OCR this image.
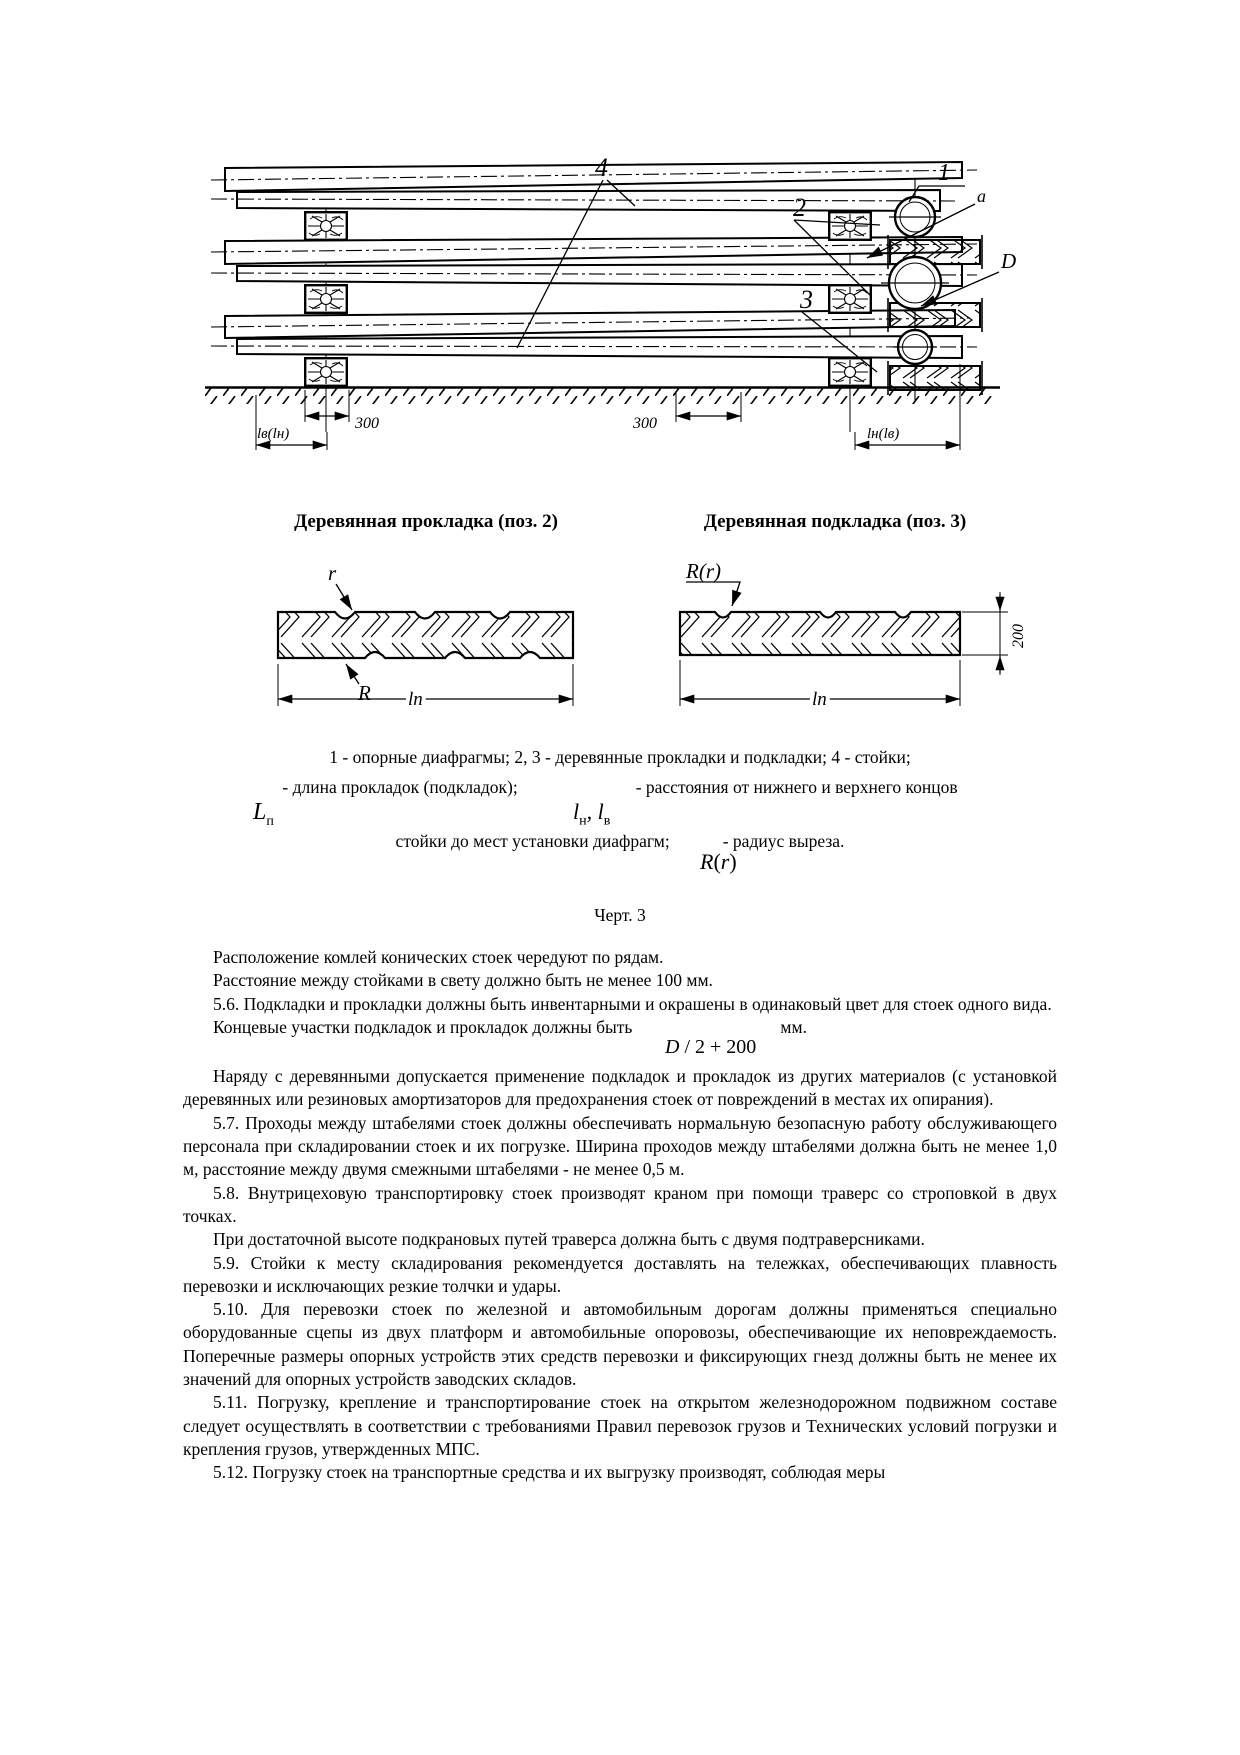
4
2
3
300	300
lв(lн)	lн(lв)
1
a
D
Деревянная прокладка (поз. 2)	Деревянная подкладка (поз. 3)
r
R lп
R(r)
200
lп
1 - опорные диафрагмы; 2, 3 - деревянные прокладки и подкладки; 4 - стойки;
- длина прокладок (подкладок);	- расстояния от нижнего и верхнего концов
стойки до мест установки диафрагм;	- радиус выреза.
$L_п$	$l_н$, $l_в$
R(r)
Черт. 3

Расположение комлей конических стоек чередуют по рядам.

Расстояние между стойками в свету должно быть не менее 100 мм.

5.6. Подкладки и прокладки должны быть инвентарными и окрашены в одинаковый цвет для стоек одного вида.

Концевые участки подкладок и прокладок должны быть	мм.
D / 2 + 200

Наряду с деревянными допускается применение подкладок и прокладок из других материалов (с установкой деревянных или резиновых амортизаторов для предохранения стоек от повреждений в местах их опирания).

5.7. Проходы между штабелями стоек должны обеспечивать нормальную безопасную работу обслуживающего персонала при складировании стоек и их погрузке. Ширина проходов между штабелями должна быть не менее 1,0 м, расстояние между двумя смежными штабелями - не менее 0,5 м.

5.8. Внутрицеховую транспортировку стоек производят краном при помощи траверс со строповкой в двух точках.

При достаточной высоте подкрановых путей траверса должна быть с двумя подтраверсниками.

5.9. Стойки к месту складирования рекомендуется доставлять на тележках, обеспечивающих плавность перевозки и исключающих резкие толчки и удары.

5.10. Для перевозки стоек по железной и автомобильным дорогам должны применяться специально оборудованные сцепы из двух платформ и автомобильные опоровозы, обеспечивающие их неповреждаемость. Поперечные размеры опорных устройств этих средств перевозки и фиксирующих гнезд должны быть не менее их значений для опорных устройств заводских складов.

5.11. Погрузку, крепление и транспортирование стоек на открытом железнодорожном подвижном составе следует осуществлять в соответствии с требованиями Правил перевозок грузов и Технических условий погрузки и крепления грузов, утвержденных МПС.

5.12. Погрузку стоек на транспортные средства и их выгрузку производят, соблюдая меры
